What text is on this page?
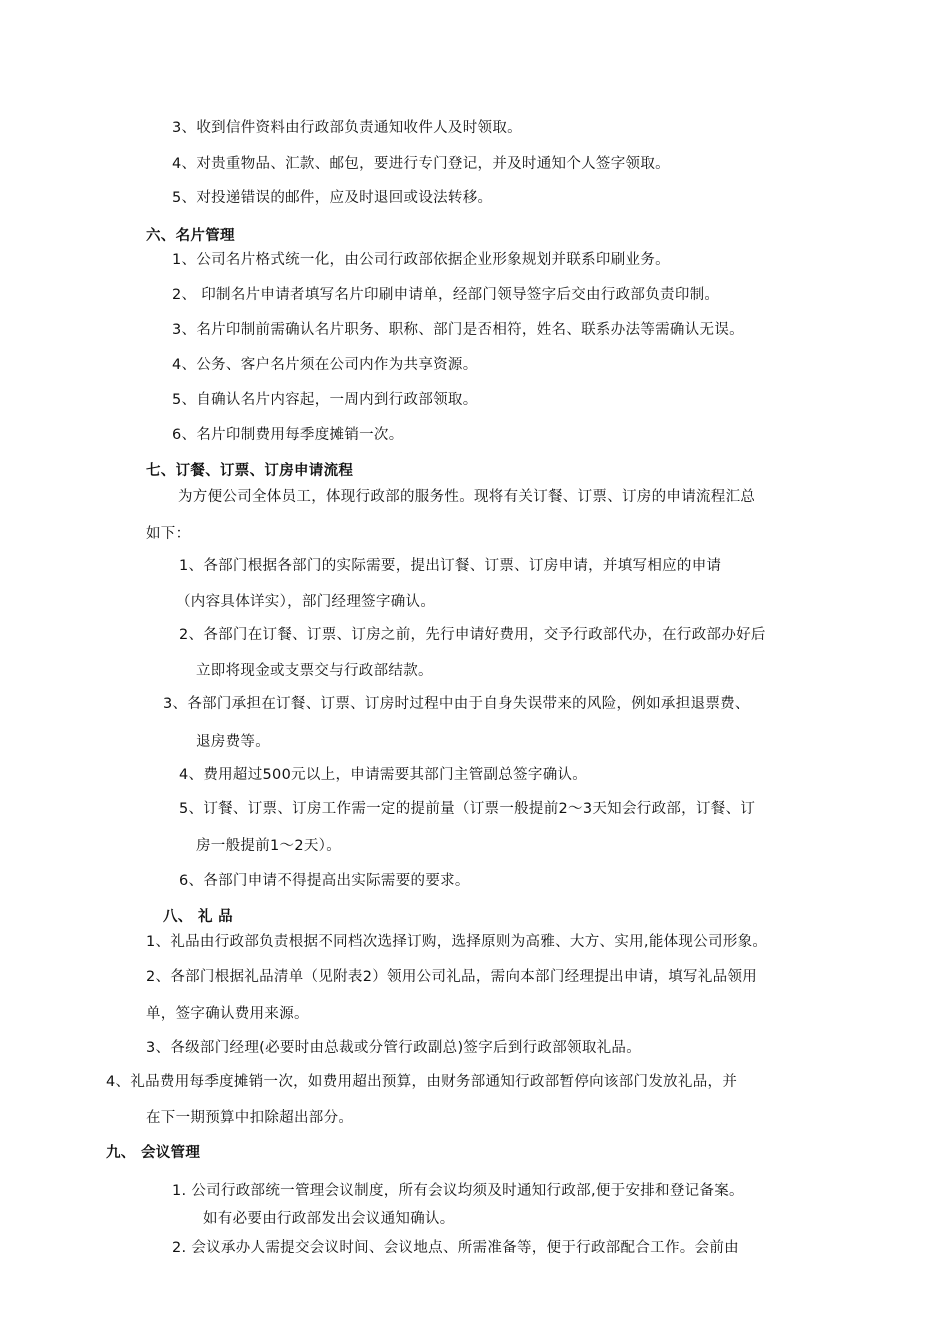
3、收到信件资料由行政部负责通知收件人及时领取。
4、对贵重物品、汇款、邮包，要进行专门登记，并及时通知个人签字领取。
5、对投递错误的邮件，应及时退回或设法转移。
六、名片管理
1、公司名片格式统一化，由公司行政部依据企业形象规划并联系印刷业务。
2、 印制名片申请者填写名片印刷申请单，经部门领导签字后交由行政部负责印制。
3、名片印制前需确认名片职务、职称、部门是否相符，姓名、联系办法等需确认无误。
4、公务、客户名片须在公司内作为共享资源。
5、自确认名片内容起，一周内到行政部领取。
6、名片印制费用每季度摊销一次。
七、订餐、订票、订房申请流程
为方便公司全体员工，体现行政部的服务性。现将有关订餐、订票、订房的申请流程汇总
如下：
1、各部门根据各部门的实际需要，提出订餐、订票、订房申请，并填写相应的申请
（内容具体详实），部门经理签字确认。
2、各部门在订餐、订票、订房之前，先行申请好费用，交予行政部代办，在行政部办好后
立即将现金或支票交与行政部结款。
3、各部门承担在订餐、订票、订房时过程中由于自身失误带来的风险，例如承担退票费、
退房费等。
4、费用超过500元以上，申请需要其部门主管副总签字确认。
5、订餐、订票、订房工作需一定的提前量（订票一般提前2～3天知会行政部，订餐、订
房一般提前1～2天）。
6、各部门申请不得提高出实际需要的要求。
八、 礼 品
1、礼品由行政部负责根据不同档次选择订购，选择原则为高雅、大方、实用,能体现公司形象。
2、各部门根据礼品清单（见附表2）领用公司礼品，需向本部门经理提出申请，填写礼品领用
单，签字确认费用来源。
3、各级部门经理(必要时由总裁或分管行政副总)签字后到行政部领取礼品。
4、礼品费用每季度摊销一次，如费用超出预算，由财务部通知行政部暂停向该部门发放礼品，并
在下一期预算中扣除超出部分。
九、 会议管理
1. 公司行政部统一管理会议制度，所有会议均须及时通知行政部,便于安排和登记备案。
如有必要由行政部发出会议通知确认。
2. 会议承办人需提交会议时间、会议地点、所需准备等，便于行政部配合工作。会前由
